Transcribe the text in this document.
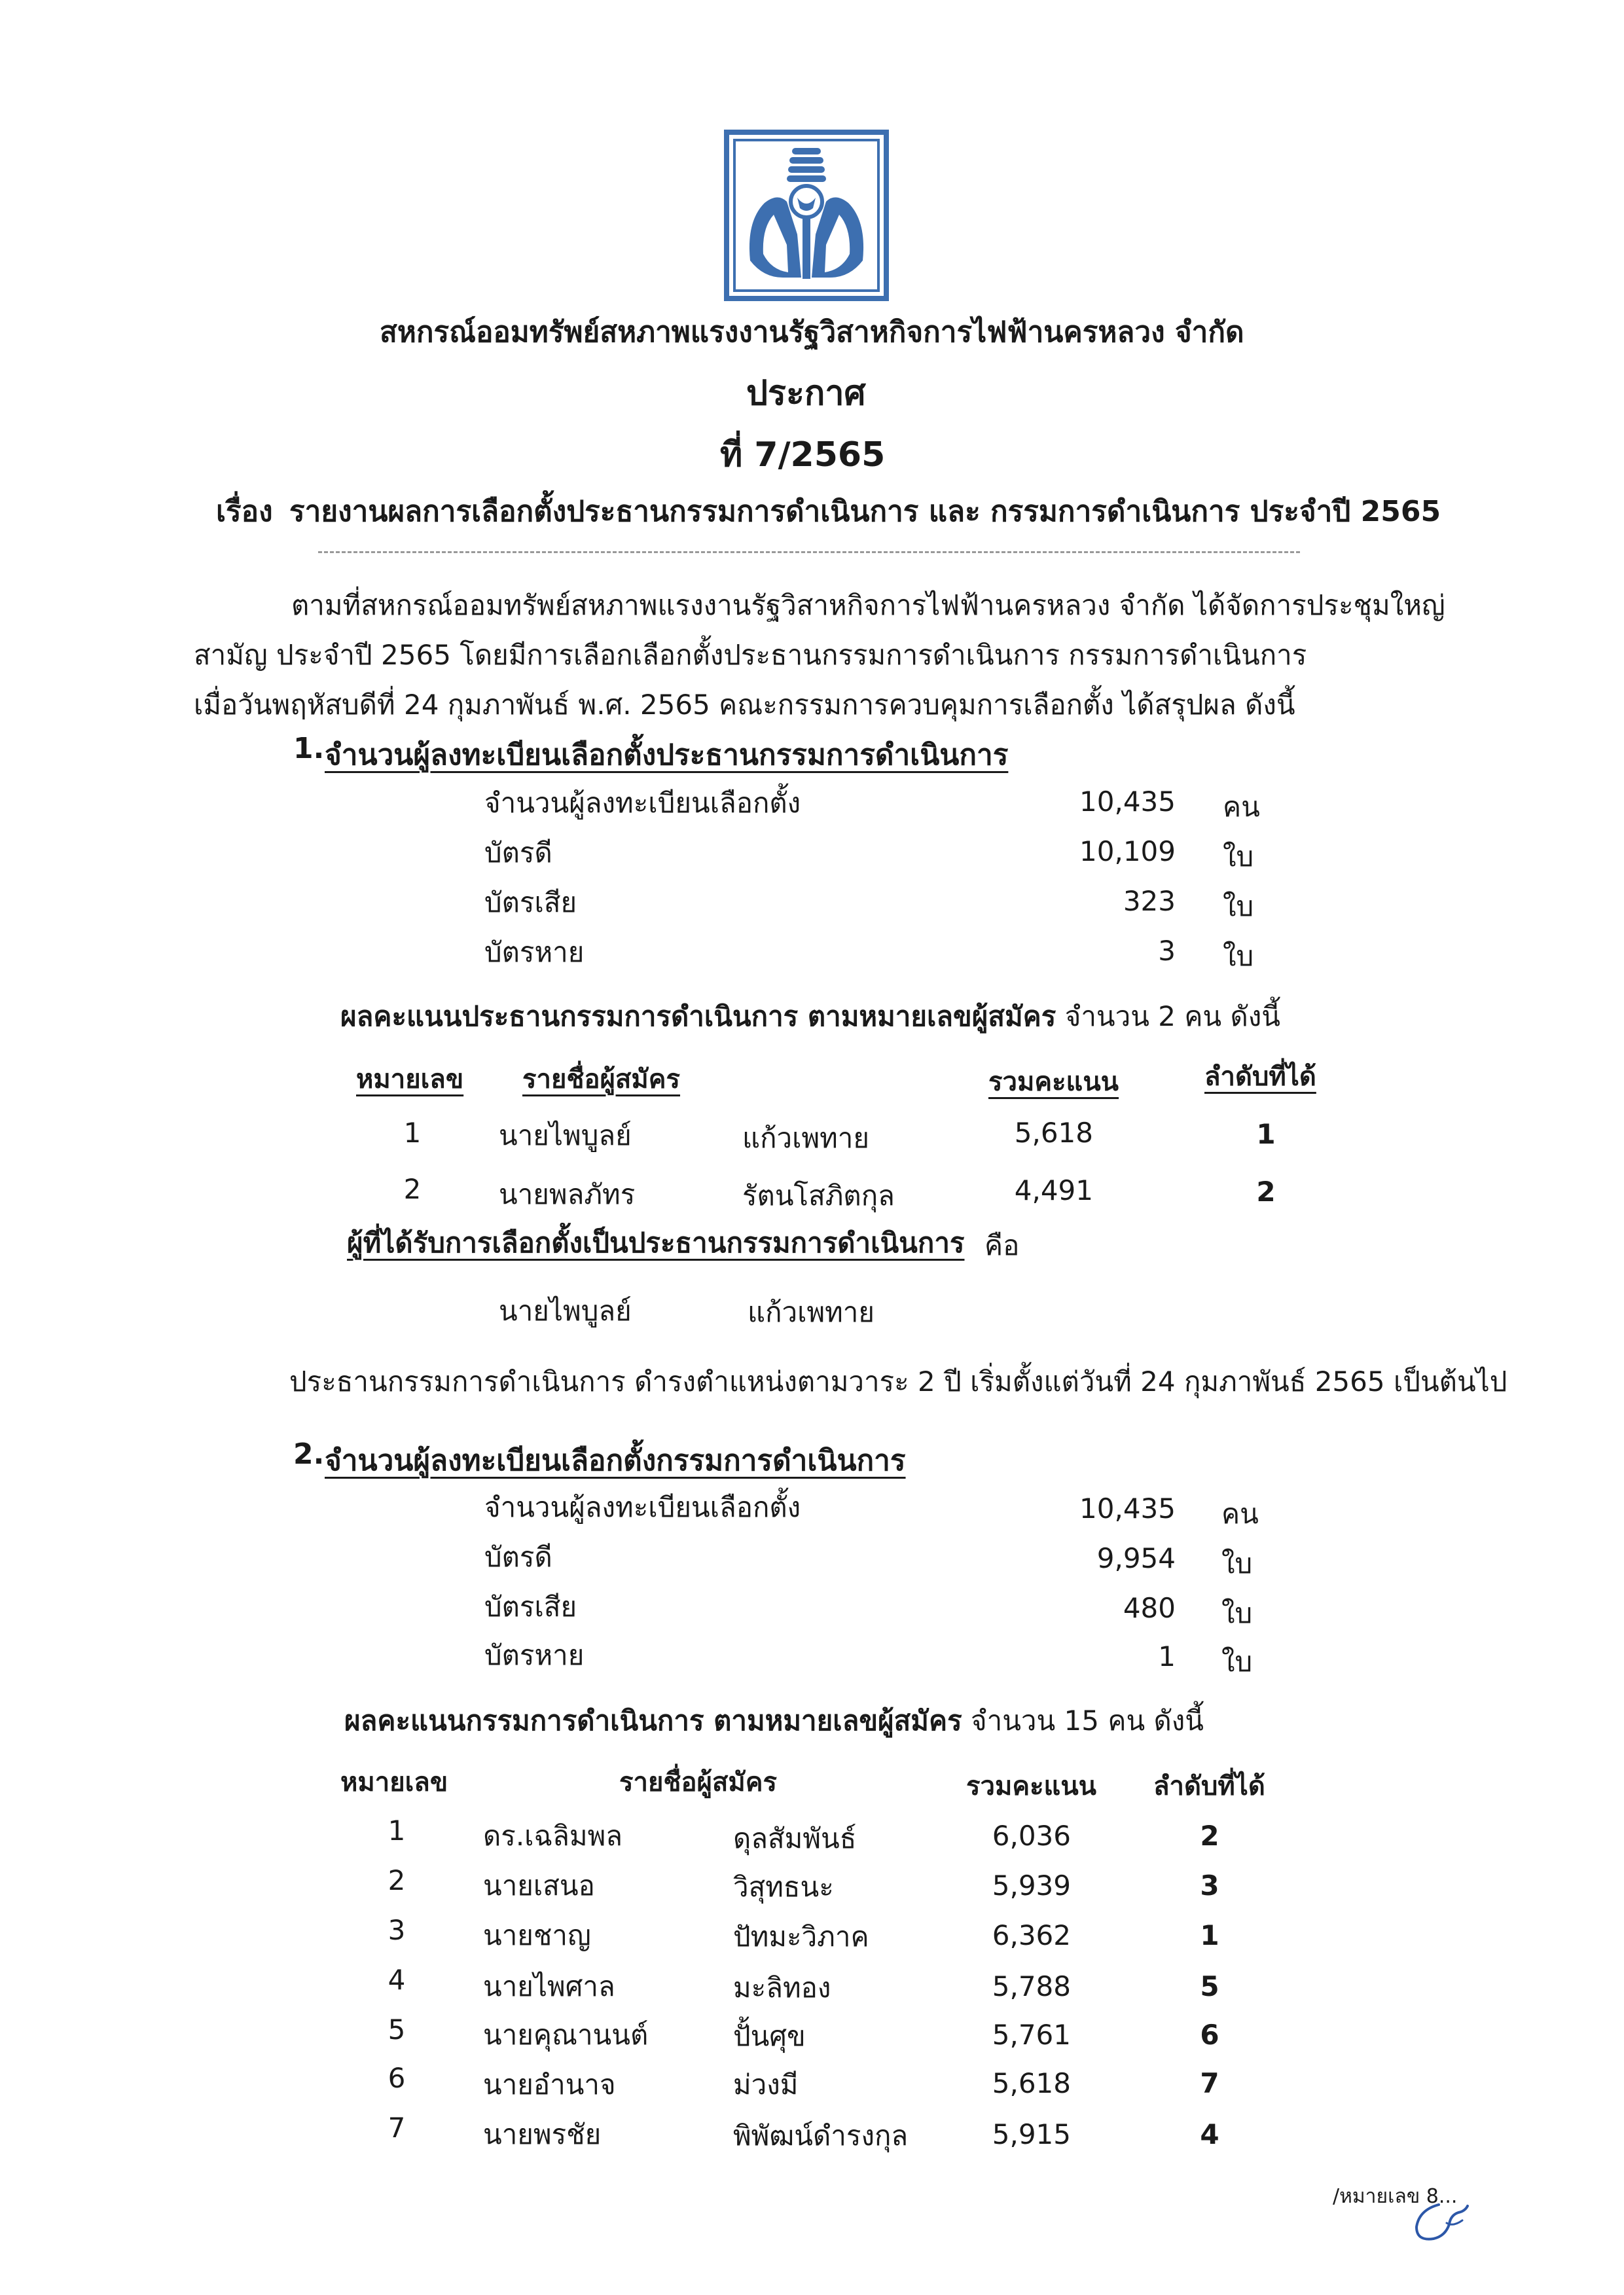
สหกรณ์ออมทรัพย์สหภาพแรงงานรัฐวิสาหกิจการไฟฟ้านครหลวง จำกัด
ประกาศ
ที่ 7/2565
เรื่อง รายงานผลการเลือกตั้งประธานกรรมการดำเนินการ และ กรรมการดำเนินการ ประจำปี 2565
ตามที่สหกรณ์ออมทรัพย์สหภาพแรงงานรัฐวิสาหกิจการไฟฟ้านครหลวง จำกัด ได้จัดการประชุมใหญ่
สามัญ ประจำปี 2565 โดยมีการเลือกเลือกตั้งประธานกรรมการดำเนินการ กรรมการดำเนินการ
เมื่อวันพฤหัสบดีที่ 24 กุมภาพันธ์ พ.ศ. 2565 คณะกรรมการควบคุมการเลือกตั้ง ได้สรุปผล ดังนี้
1. จำนวนผู้ลงทะเบียนเลือกตั้งประธานกรรมการดำเนินการ
จำนวนผู้ลงทะเบียนเลือกตั้ง	10,435 คน
บัตรดี	10,109 ใบ
บัตรเสีย	323 ใบ
บัตรหาย	3 ใบ
ผลคะแนนประธานกรรมการดำเนินการ ตามหมายเลขผู้สมัคร จำนวน 2 คน ดังนี้
หมายเลข รายชื่อผู้สมัคร	รวมคะแนน	ลำดับที่ได้
1	นายไพบูลย์	แก้วเพทาย	5,618	1
2	นายพลภัทร	รัตนโสภิตกุล	4,491	2
ผู้ที่ได้รับการเลือกตั้งเป็นประธานกรรมการดำเนินการ คือ
นายไพบูลย์	แก้วเพทาย
ประธานกรรมการดำเนินการ ดำรงตำแหน่งตามวาระ 2 ปี เริ่มตั้งแต่วันที่ 24 กุมภาพันธ์ 2565 เป็นต้นไป
2. จำนวนผู้ลงทะเบียนเลือกตั้งกรรมการดำเนินการ
จำนวนผู้ลงทะเบียนเลือกตั้ง	10,435 คน
บัตรดี	9,954 ใบ
บัตรเสีย	480 ใบ
บัตรหาย	1 ใบ
ผลคะแนนกรรมการดำเนินการ ตามหมายเลขผู้สมัคร จำนวน 15 คน ดังนี้
หมายเลข	รายชื่อผู้สมัคร	รวมคะแนน ลำดับที่ได้
1	ดร.เฉลิมพล	ดุลสัมพันธ์	6,036	2
2	นายเสนอ	วิสุทธนะ	5,939	3
3	นายชาญ	ปัทมะวิภาค	6,362	1
4	นายไพศาล	มะลิทอง	5,788	5
5	นายคุณานนต์	ปั้นศุข	5,761	6
6	นายอำนาจ	ม่วงมี	5,618	7
7	นายพรชัย	พิพัฒน์ดำรงกุล	5,915	4
/หมายเลข 8...
